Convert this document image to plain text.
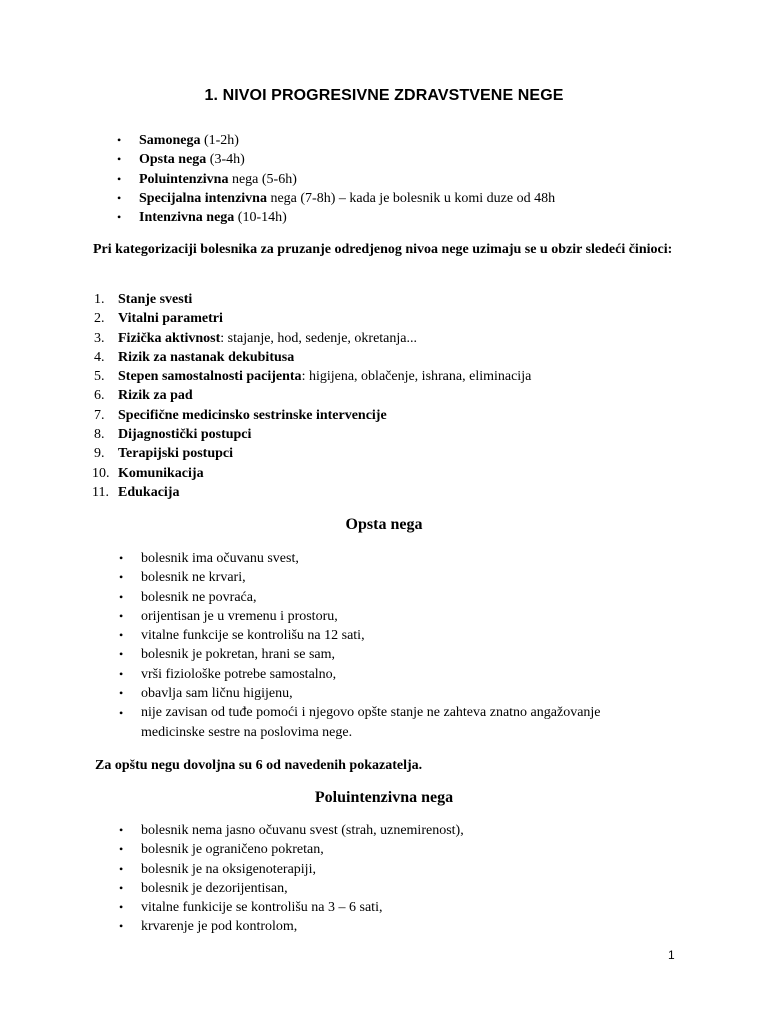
1. NIVOI PROGRESIVNE ZDRAVSTVENE NEGE
• Samonega (1-2h)
• Opsta nega (3-4h)
• Poluintenzivna nega (5-6h)
• Specijalna intenzivna nega (7-8h) – kada je bolesnik u komi duze od 48h
• Intenzivna nega (10-14h)

Pri kategorizaciji bolesnika za pruzanje odredjenog nivoa nege uzimaju se u obzir sledeći činioci:

1. Stanje svesti
2. Vitalni parametri
3. Fizička aktivnost: stajanje, hod, sedenje, okretanja...
4. Rizik za nastanak dekubitusa
5. Stepen samostalnosti pacijenta: higijena, oblačenje, ishrana, eliminacija
6. Rizik za pad
7. Specifične medicinsko sestrinske intervencije
8. Dijagnostički postupci
9. Terapijski postupci
10. Komunikacija
11. Edukacija
Opsta nega
• bolesnik ima očuvanu svest,
• bolesnik ne krvari,
• bolesnik ne povraća,
• orijentisan je u vremenu i prostoru,
• vitalne funkcije se kontrolišu na 12 sati,
• bolesnik je pokretan, hrani se sam,
• vrši fiziološke potrebe samostalno,
• obavlja sam ličnu higijenu,
• nije zavisan od tuđe pomoći i njegovo opšte stanje ne zahteva znatno angažovanje medicinske sestre na poslovima nege.

Za opštu negu dovoljna su 6 od navedenih pokazatelja.

Poluintenzivna nega
• bolesnik nema jasno očuvanu svest (strah, uznemirenost),
• bolesnik je ograničeno pokretan,
• bolesnik je na oksigenoterapiji,
• bolesnik je dezorijentisan,
• vitalne funkicije se kontrolišu na 3 – 6 sati,
• krvarenje je pod kontrolom,
1
